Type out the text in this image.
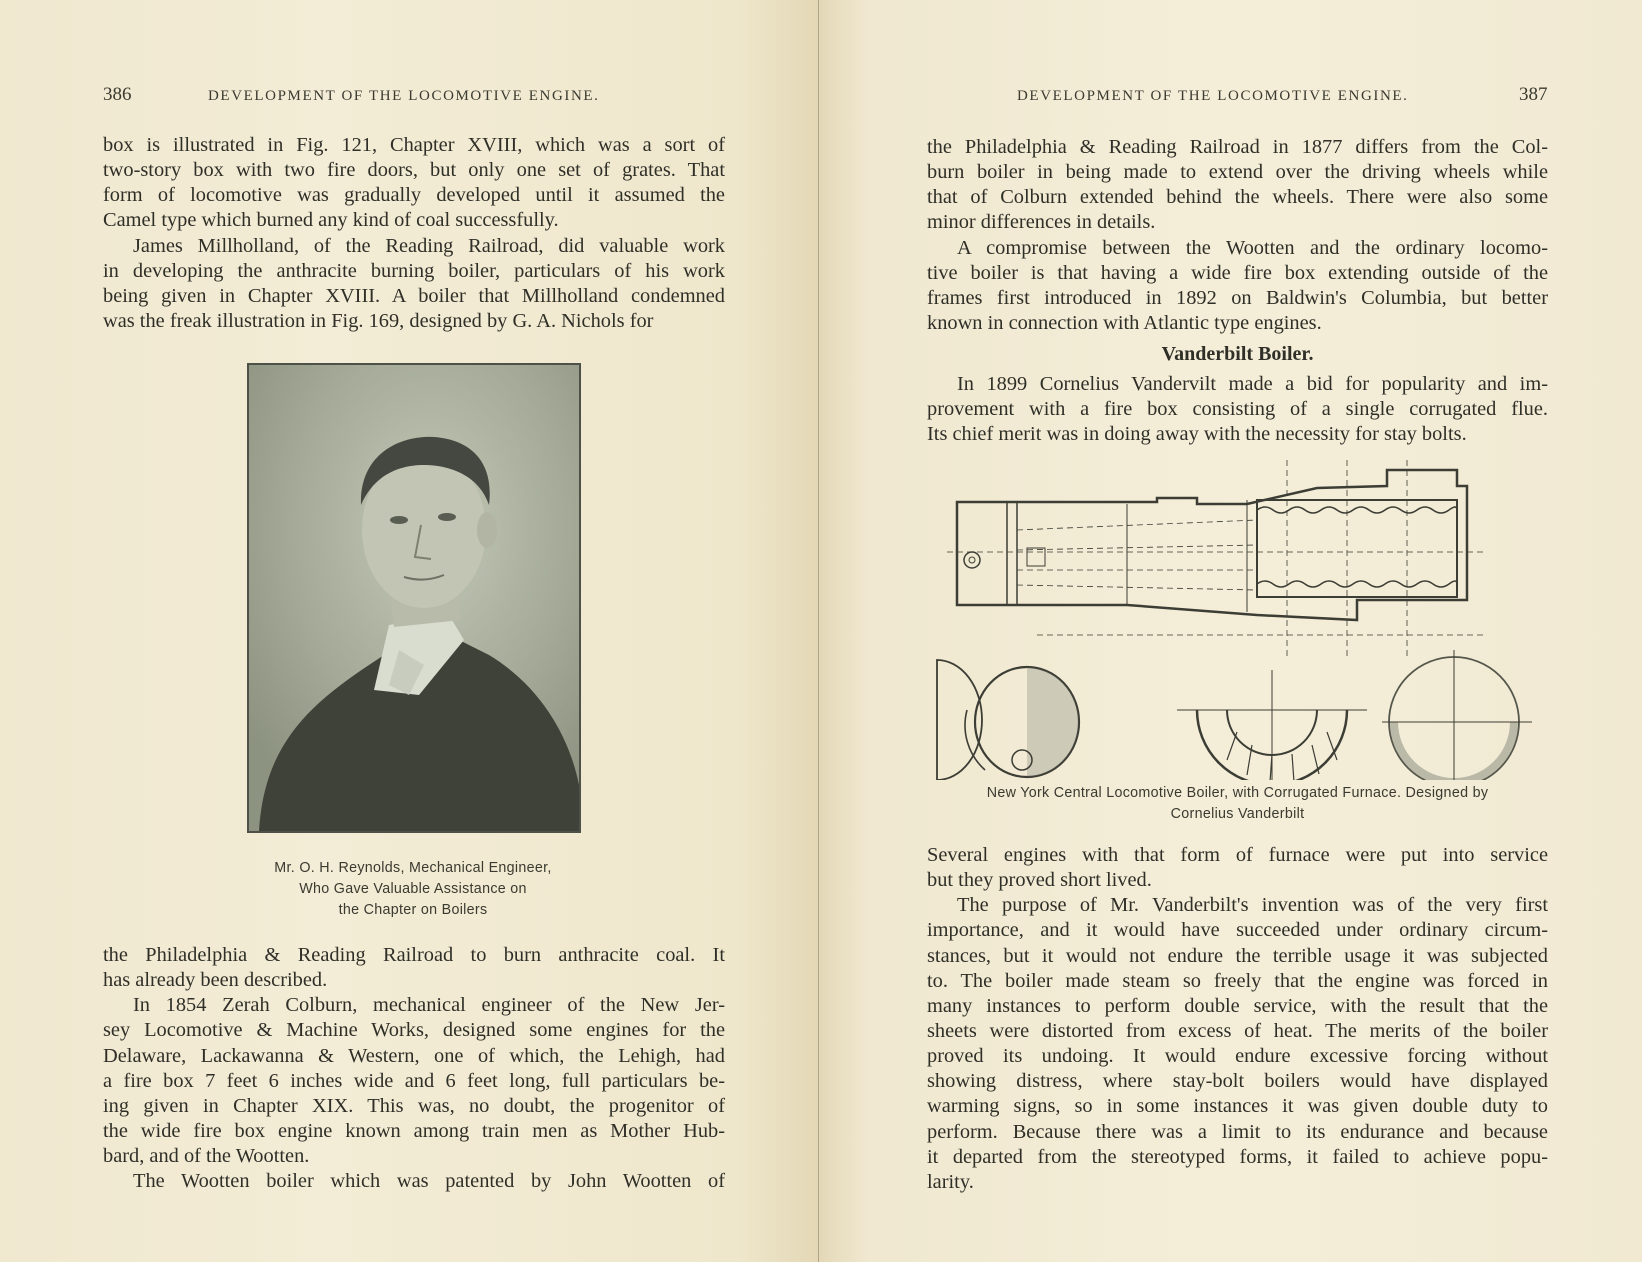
386	DEVELOPMENT OF THE LOCOMOTIVE ENGINE.
box is illustrated in Fig. 121, Chapter XVIII, which was a sort of
two-story box with two fire doors, but only one set of grates. That
form of locomotive was gradually developed until it assumed the
Camel type which burned any kind of coal successfully.
James Millholland, of the Reading Railroad, did valuable work
in developing the anthracite burning boiler, particulars of his work
being given in Chapter XVIII. A boiler that Millholland condemned
was the freak illustration in Fig. 169, designed by G. A. Nichols for
Mr. O. H. Reynolds, Mechanical Engineer,
Who Gave Valuable Assistance on
the Chapter on Boilers
the Philadelphia & Reading Railroad to burn anthracite coal. It
has already been described.
In 1854 Zerah Colburn, mechanical engineer of the New Jer-
sey Locomotive & Machine Works, designed some engines for the
Delaware, Lackawanna & Western, one of which, the Lehigh, had
a fire box 7 feet 6 inches wide and 6 feet long, full particulars be-
ing given in Chapter XIX. This was, no doubt, the progenitor of
the wide fire box engine known among train men as Mother Hub-
bard, and of the Wootten.
The Wootten boiler which was patented by John Wootten of
DEVELOPMENT OF THE LOCOMOTIVE ENGINE.	387
the Philadelphia & Reading Railroad in 1877 differs from the Col-
burn boiler in being made to extend over the driving wheels while
that of Colburn extended behind the wheels. There were also some
minor differences in details.
A compromise between the Wootten and the ordinary locomo-
tive boiler is that having a wide fire box extending outside of the
frames first introduced in 1892 on Baldwin's Columbia, but better
known in connection with Atlantic type engines.
Vanderbilt Boiler.
In 1899 Cornelius Vandervilt made a bid for popularity and im-
provement with a fire box consisting of a single corrugated flue.
Its chief merit was in doing away with the necessity for stay bolts.
New York Central Locomotive Boiler, with Corrugated Furnace. Designed by
Cornelius Vanderbilt
Several engines with that form of furnace were put into service
but they proved short lived.
The purpose of Mr. Vanderbilt's invention was of the very first
importance, and it would have succeeded under ordinary circum-
stances, but it would not endure the terrible usage it was subjected
to. The boiler made steam so freely that the engine was forced in
many instances to perform double service, with the result that the
sheets were distorted from excess of heat. The merits of the boiler
proved its undoing. It would endure excessive forcing without
showing distress, where stay-bolt boilers would have displayed
warming signs, so in some instances it was given double duty to
perform. Because there was a limit to its endurance and because
it departed from the stereotyped forms, it failed to achieve popu-
larity.
